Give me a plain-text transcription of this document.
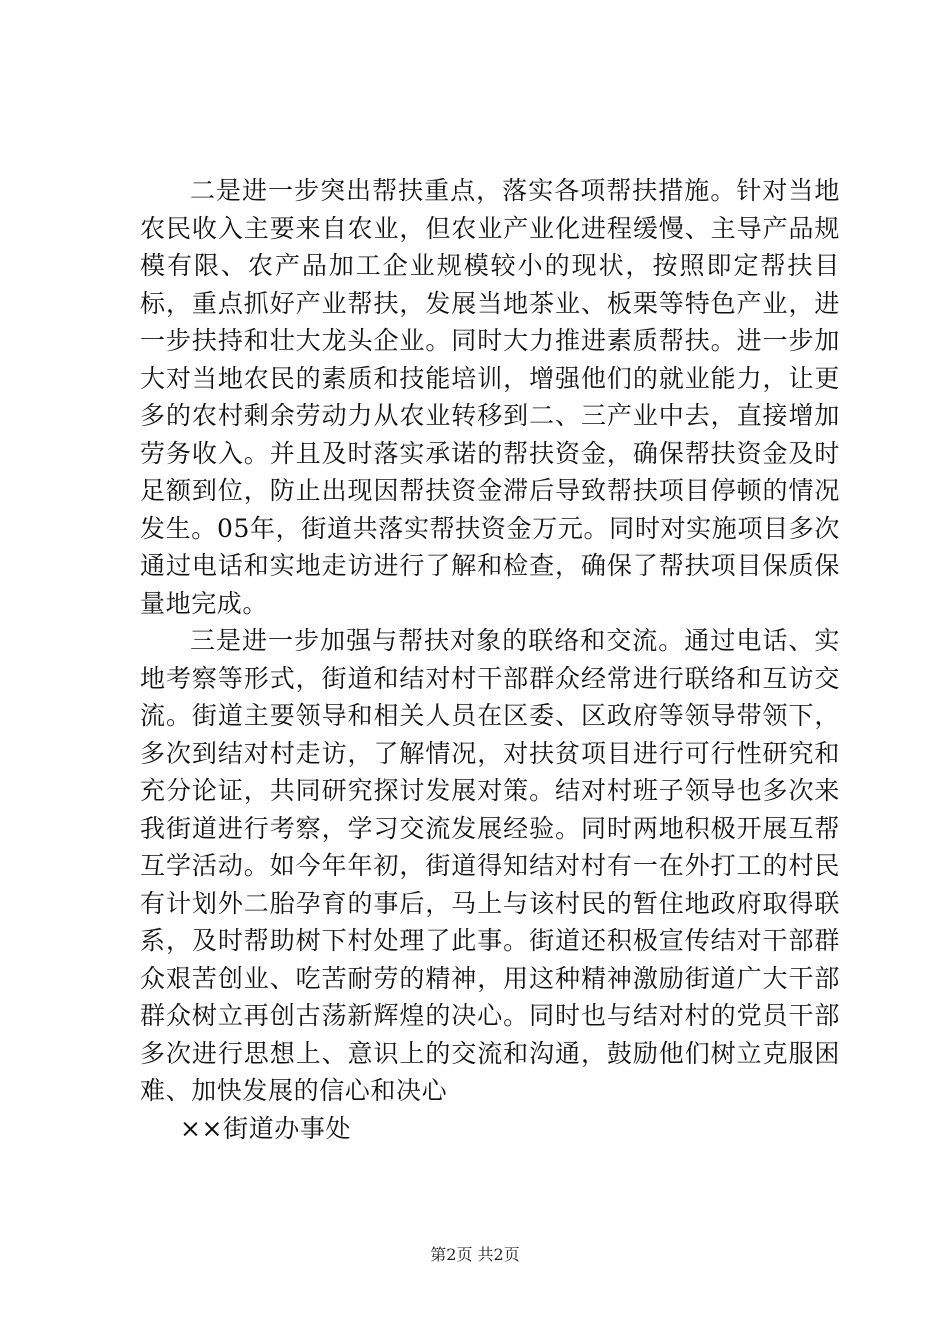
二是进一步突出帮扶重点，落实各项帮扶措施。针对当地农民收入主要来自农业，但农业产业化进程缓慢、主导产品规模有限、农产品加工企业规模较小的现状，按照即定帮扶目标，重点抓好产业帮扶，发展当地茶业、板栗等特色产业，进一步扶持和壮大龙头企业。同时大力推进素质帮扶。进一步加大对当地农民的素质和技能培训，增强他们的就业能力，让更多的农村剩余劳动力从农业转移到二、三产业中去，直接增加劳务收入。并且及时落实承诺的帮扶资金，确保帮扶资金及时足额到位，防止出现因帮扶资金滞后导致帮扶项目停顿的情况发生。05年，街道共落实帮扶资金万元。同时对实施项目多次通过电话和实地走访进行了解和检查，确保了帮扶项目保质保量地完成。

三是进一步加强与帮扶对象的联络和交流。通过电话、实地考察等形式，街道和结对村干部群众经常进行联络和互访交流。街道主要领导和相关人员在区委、区政府等领导带领下，多次到结对村走访，了解情况，对扶贫项目进行可行性研究和充分论证，共同研究探讨发展对策。结对村班子领导也多次来我街道进行考察，学习交流发展经验。同时两地积极开展互帮互学活动。如今年年初，街道得知结对村有一在外打工的村民有计划外二胎孕育的事后，马上与该村民的暂住地政府取得联系，及时帮助树下村处理了此事。街道还积极宣传结对干部群众艰苦创业、吃苦耐劳的精神，用这种精神激励街道广大干部群众树立再创古荡新辉煌的决心。同时也与结对村的党员干部多次进行思想上、意识上的交流和沟通，鼓励他们树立克服困难、加快发展的信心和决心

××街道办事处

第2页 共2页
